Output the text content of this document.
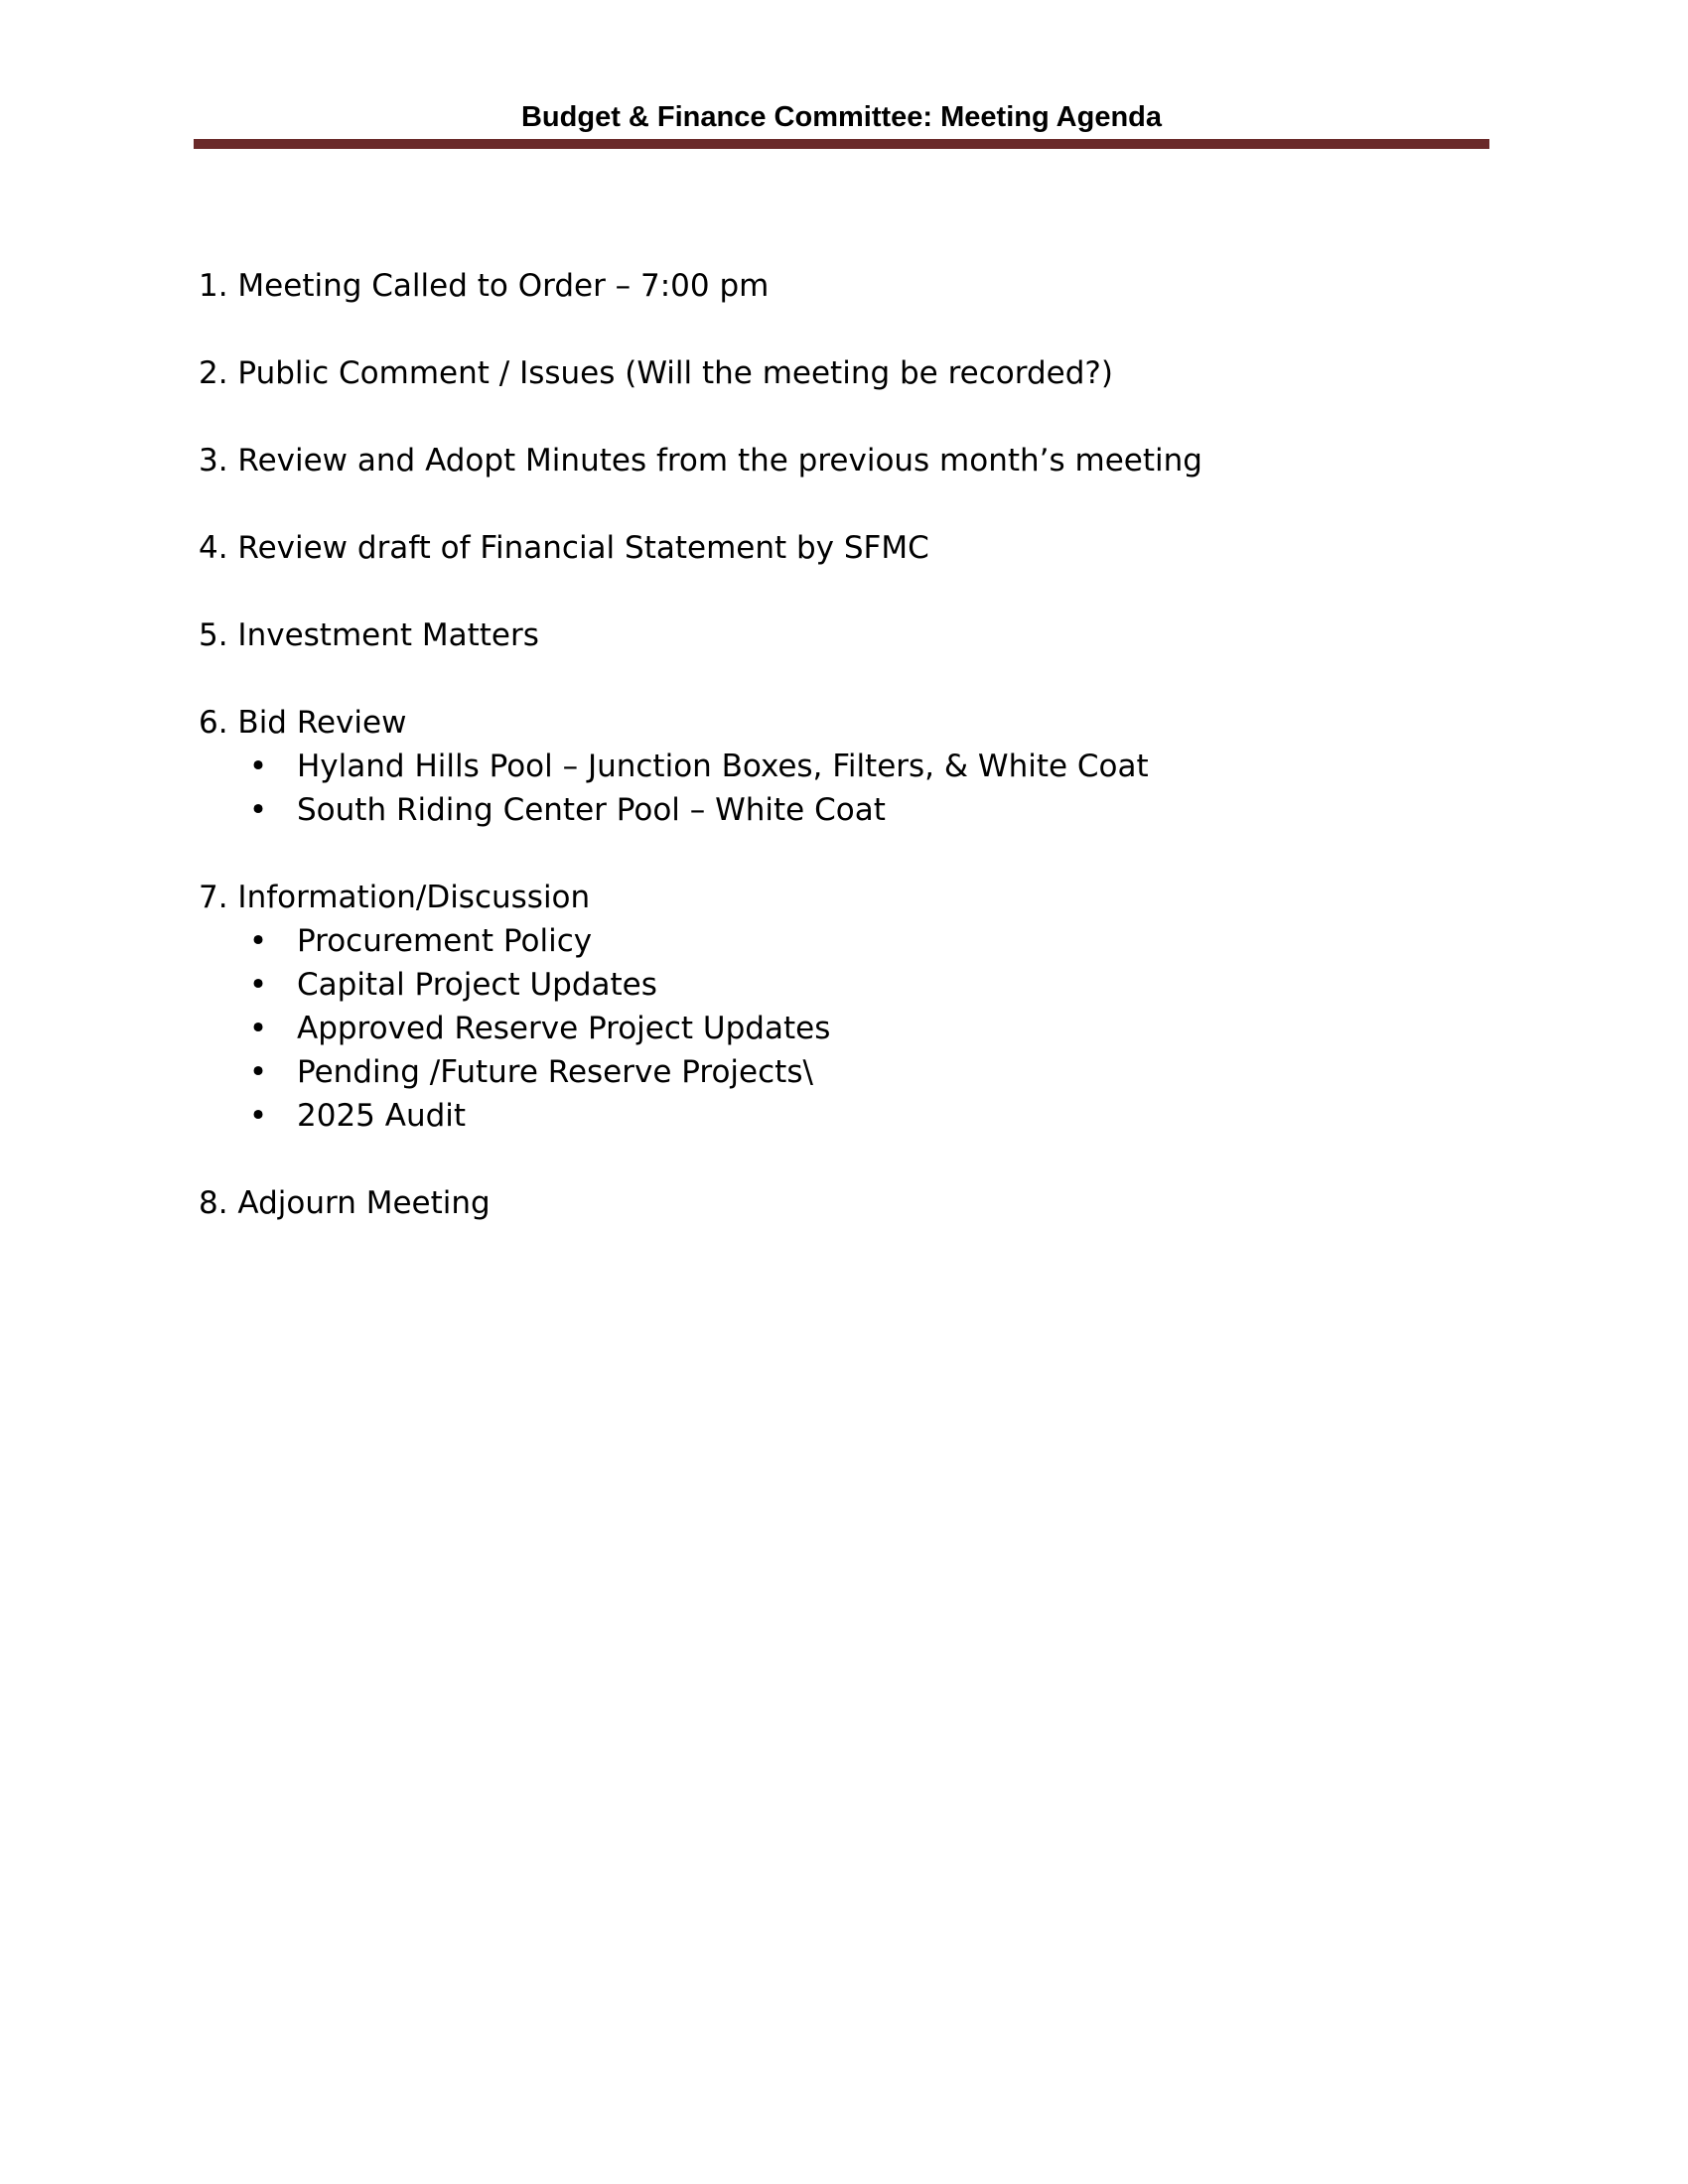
Budget & Finance Committee: Meeting Agenda
1. Meeting Called to Order – 7:00 pm
2. Public Comment / Issues (Will the meeting be recorded?)
3. Review and Adopt Minutes from the previous month’s meeting
4. Review draft of Financial Statement by SFMC
5. Investment Matters
6. Bid Review
• Hyland Hills Pool – Junction Boxes, Filters, & White Coat
• South Riding Center Pool – White Coat
7. Information/Discussion
• Procurement Policy
• Capital Project Updates
• Approved Reserve Project Updates
• Pending /Future Reserve Projects\
• 2025 Audit
8. Adjourn Meeting
